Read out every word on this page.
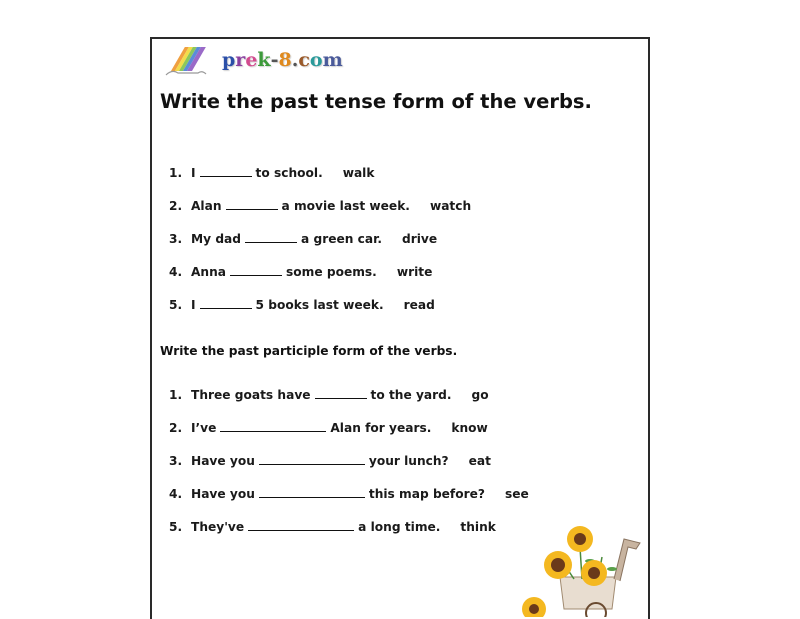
prek-8.com
Write the past tense form of the verbs.
1. I	to school. walk
2. Alan	a movie last week. watch
3. My dad	a green car. drive
4. Anna	some poems. write
5. I	5 books last week. read
Write the past participle form of the verbs.
1. Three goats have	to the yard. go
2. I’ve	Alan for years. know
3. Have you	your lunch? eat
4. Have you	this map before? see
5. They've	a long time. think
